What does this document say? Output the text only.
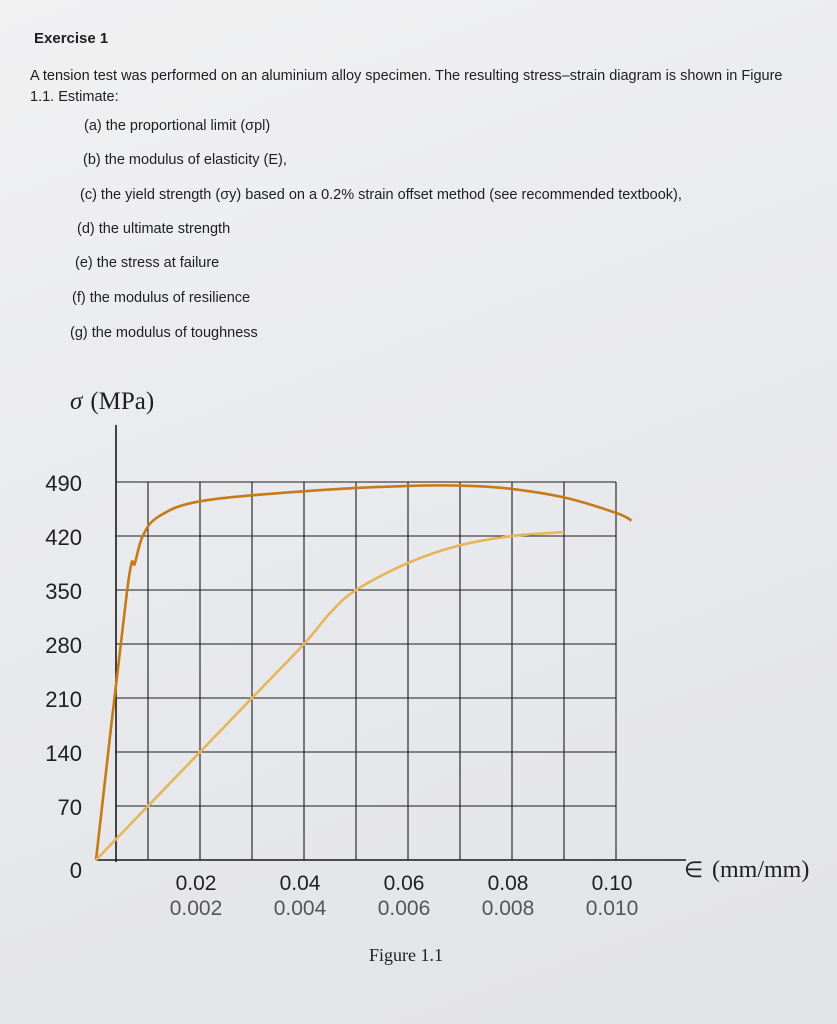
Exercise 1
A tension test was performed on an aluminium alloy specimen. The resulting stress–strain diagram is shown in Figure 1.1. Estimate:
(a) the proportional limit (σpl)
(b) the modulus of elasticity (E),
(c) the yield strength (σy) based on a 0.2% strain offset method (see recommended textbook),
(d) the ultimate strength
(e) the stress at failure
(f) the modulus of resilience
(g) the modulus of toughness
σ (MPa)
490
420
350
280
210
140
70
0
0.02	0.04	0.06	0.08	0.10
0.002 0.004 0.006 0.008 0.010
∈ (mm/mm)
Figure 1.1
